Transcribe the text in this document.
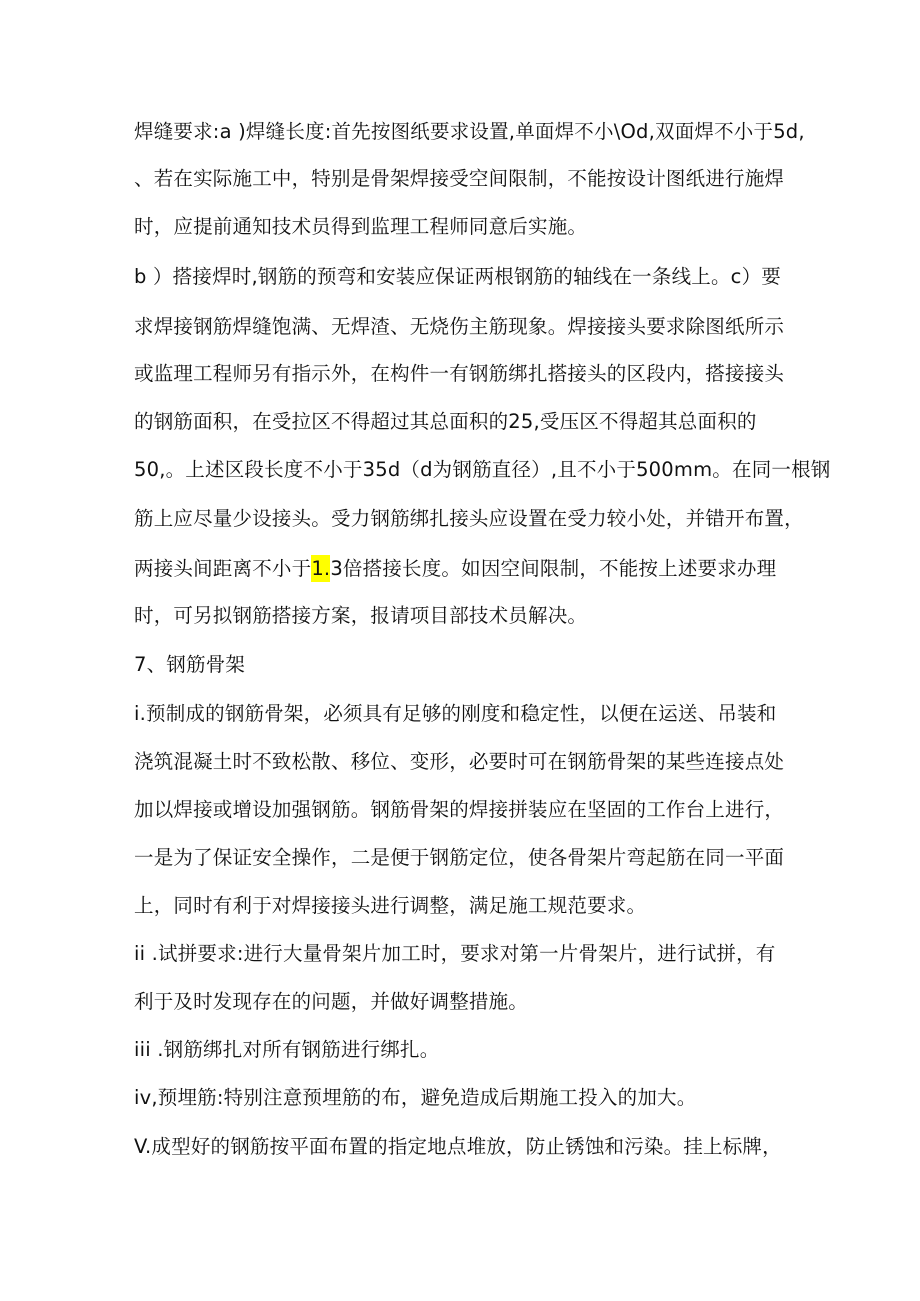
焊缝要求:a )焊缝长度:首先按图纸要求设置,单面焊不小\Od,双面焊不小于5d,
、若在实际施工中，特别是骨架焊接受空间限制，不能按设计图纸进行施焊
时，应提前通知技术员得到监理工程师同意后实施。
b ）搭接焊时,钢筋的预弯和安装应保证两根钢筋的轴线在一条线上。c）要
求焊接钢筋焊缝饱满、无焊渣、无烧伤主筋现象。焊接接头要求除图纸所示
或监理工程师另有指示外，在构件一有钢筋绑扎搭接头的区段内，搭接接头
的钢筋面积，在受拉区不得超过其总面积的25,受压区不得超其总面积的
50,。上述区段长度不小于35d（d为钢筋直径）,且不小于500mm。在同一根钢
筋上应尽量少设接头。受力钢筋绑扎接头应设置在受力较小处，并错开布置，
两接头间距离不小于1.3倍搭接长度。如因空间限制，不能按上述要求办理
时，可另拟钢筋搭接方案，报请项目部技术员解决。
7、钢筋骨架
i.预制成的钢筋骨架，必须具有足够的刚度和稳定性，以便在运送、吊装和
浇筑混凝土时不致松散、移位、变形，必要时可在钢筋骨架的某些连接点处
加以焊接或增设加强钢筋。钢筋骨架的焊接拼装应在坚固的工作台上进行，
一是为了保证安全操作，二是便于钢筋定位，使各骨架片弯起筋在同一平面
上，同时有利于对焊接接头进行调整，满足施工规范要求。
ii .试拼要求:进行大量骨架片加工时，要求对第一片骨架片，进行试拼，有
利于及时发现存在的问题，并做好调整措施。
iii .钢筋绑扎对所有钢筋进行绑扎。
iv,预埋筋:特别注意预埋筋的布，避免造成后期施工投入的加大。
V.成型好的钢筋按平面布置的指定地点堆放，防止锈蚀和污染。挂上标牌，
